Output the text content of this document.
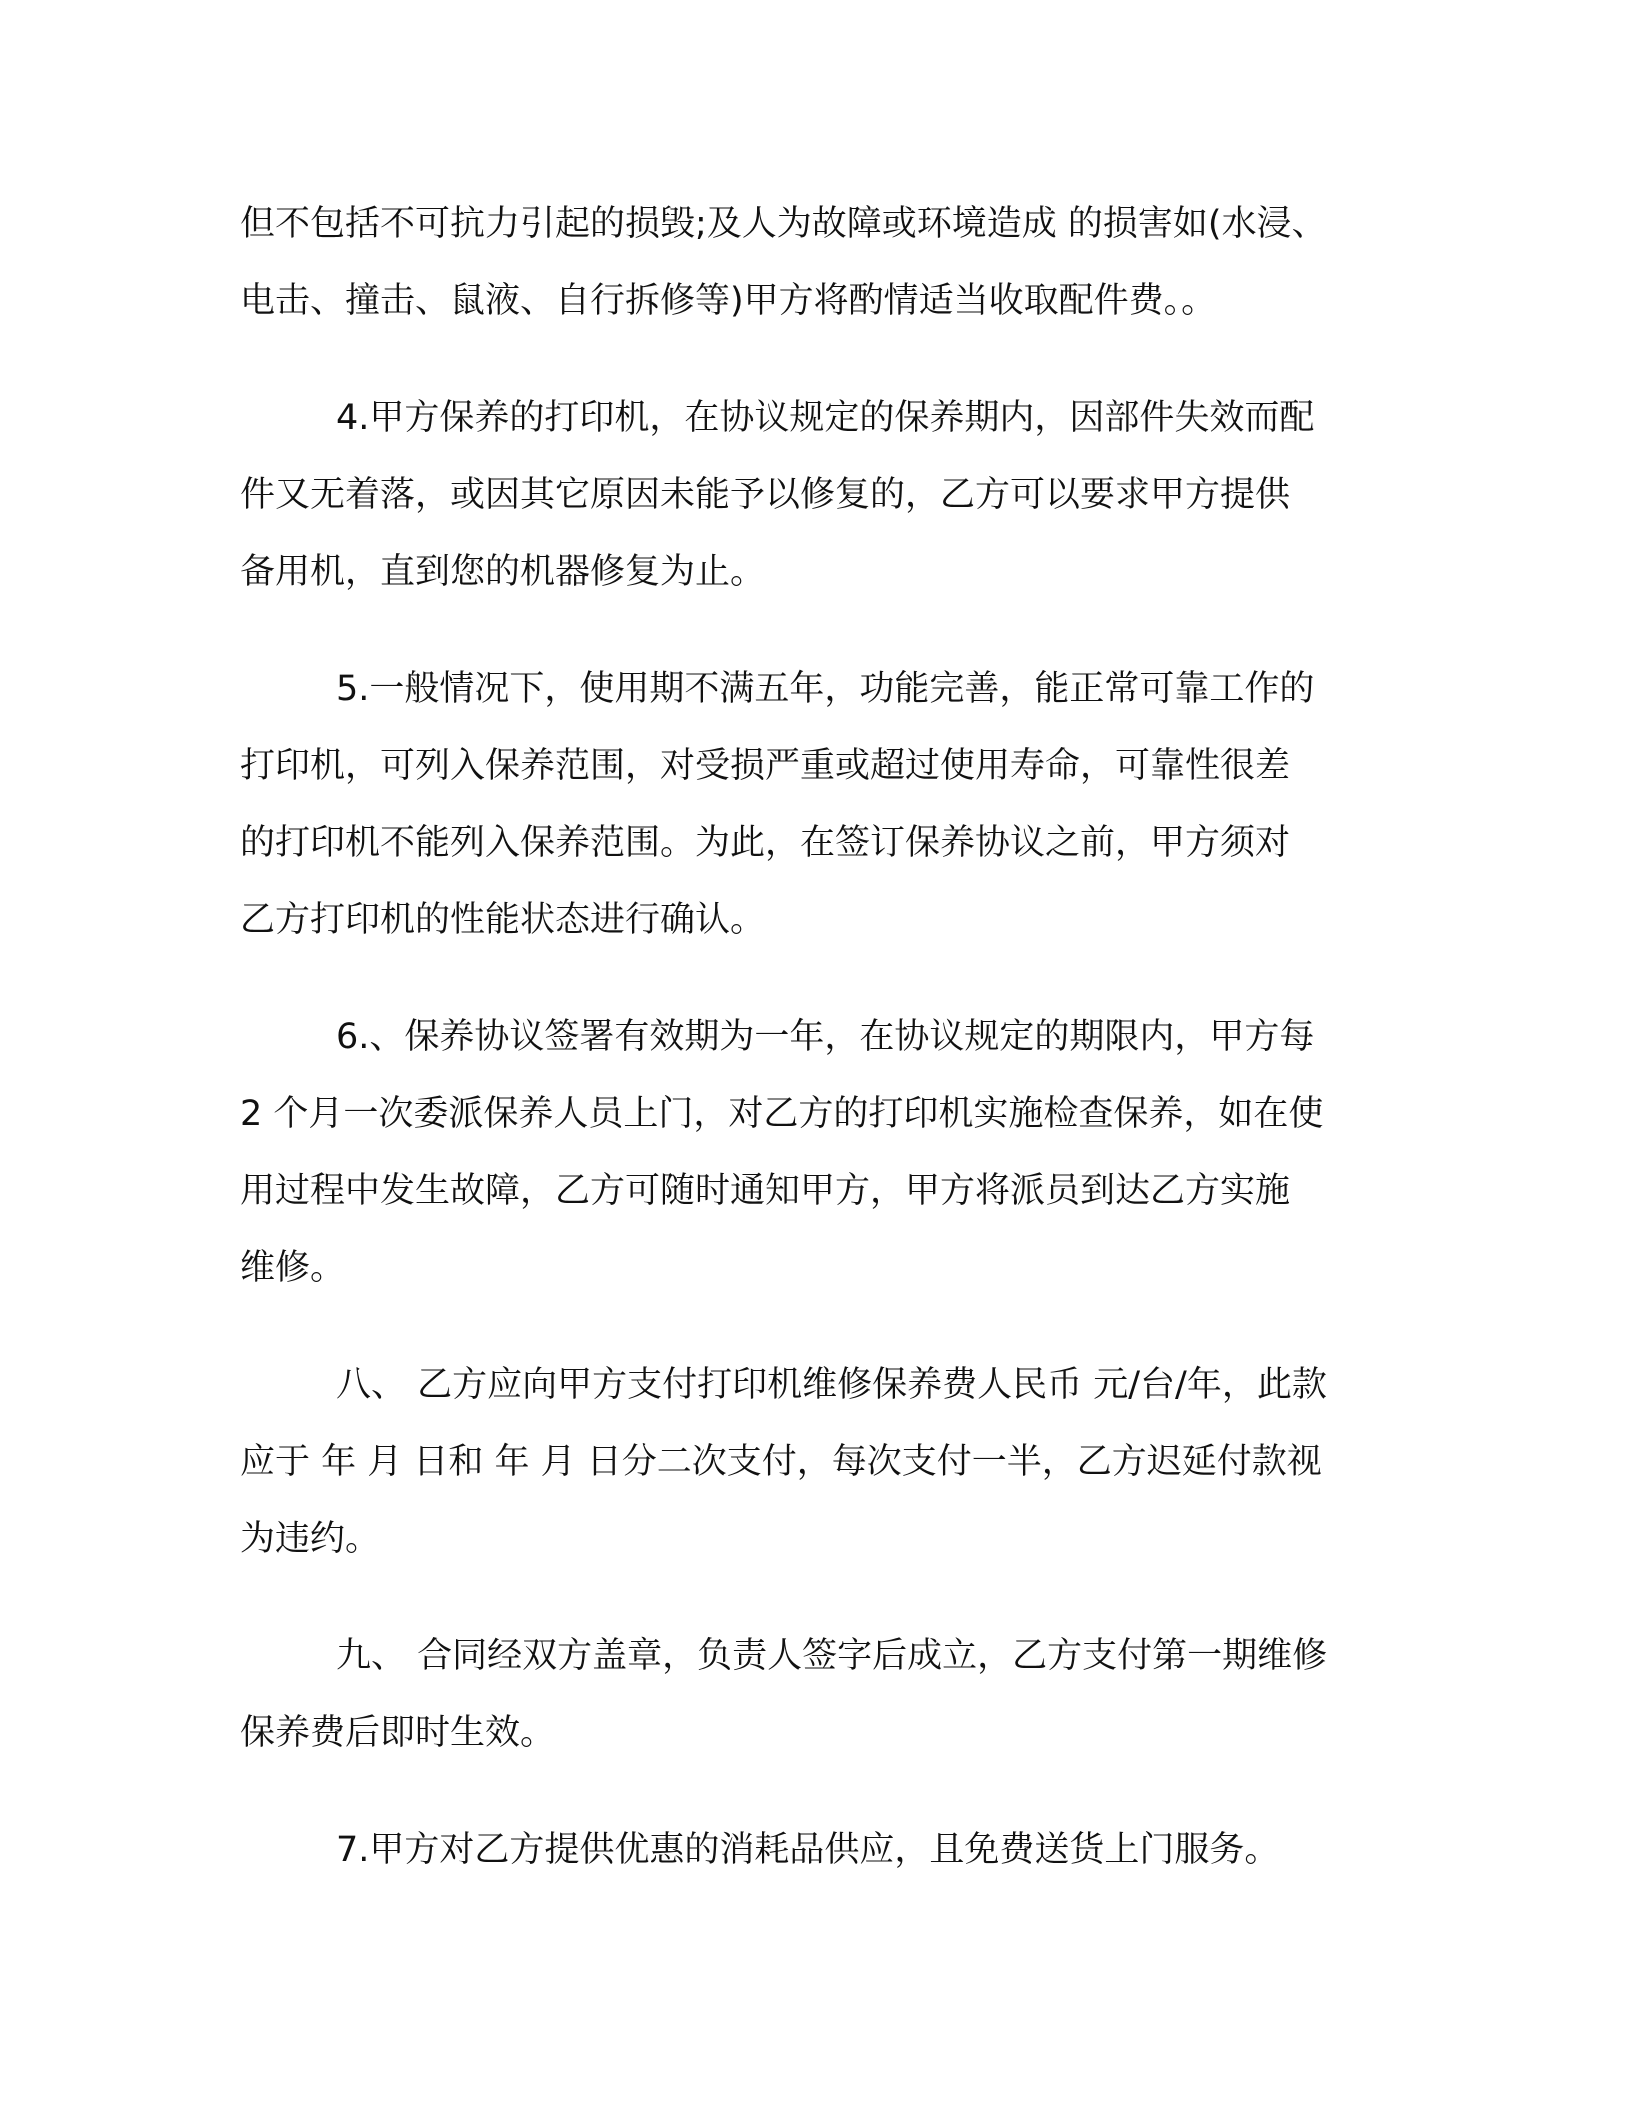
但不包括不可抗力引起的损毁;及人为故障或环境造成 的损害如(水浸、
电击、撞击、鼠液、自行拆修等)甲方将酌情适当收取配件费。。

4.甲方保养的打印机，在协议规定的保养期内，因部件失效而配
件又无着落，或因其它原因未能予以修复的，乙方可以要求甲方提供
备用机，直到您的机器修复为止。

5.一般情况下，使用期不满五年，功能完善，能正常可靠工作的
打印机，可列入保养范围，对受损严重或超过使用寿命，可靠性很差
的打印机不能列入保养范围。为此，在签订保养协议之前，甲方须对
乙方打印机的性能状态进行确认。

6.、保养协议签署有效期为一年，在协议规定的期限内，甲方每
2 个月一次委派保养人员上门，对乙方的打印机实施检查保养，如在使
用过程中发生故障，乙方可随时通知甲方，甲方将派员到达乙方实施
维修。

八、 乙方应向甲方支付打印机维修保养费人民币 元/台/年，此款
应于 年 月 日和 年 月 日分二次支付，每次支付一半，乙方迟延付款视
为违约。

九、 合同经双方盖章，负责人签字后成立，乙方支付第一期维修
保养费后即时生效。

7.甲方对乙方提供优惠的消耗品供应，且免费送货上门服务。
